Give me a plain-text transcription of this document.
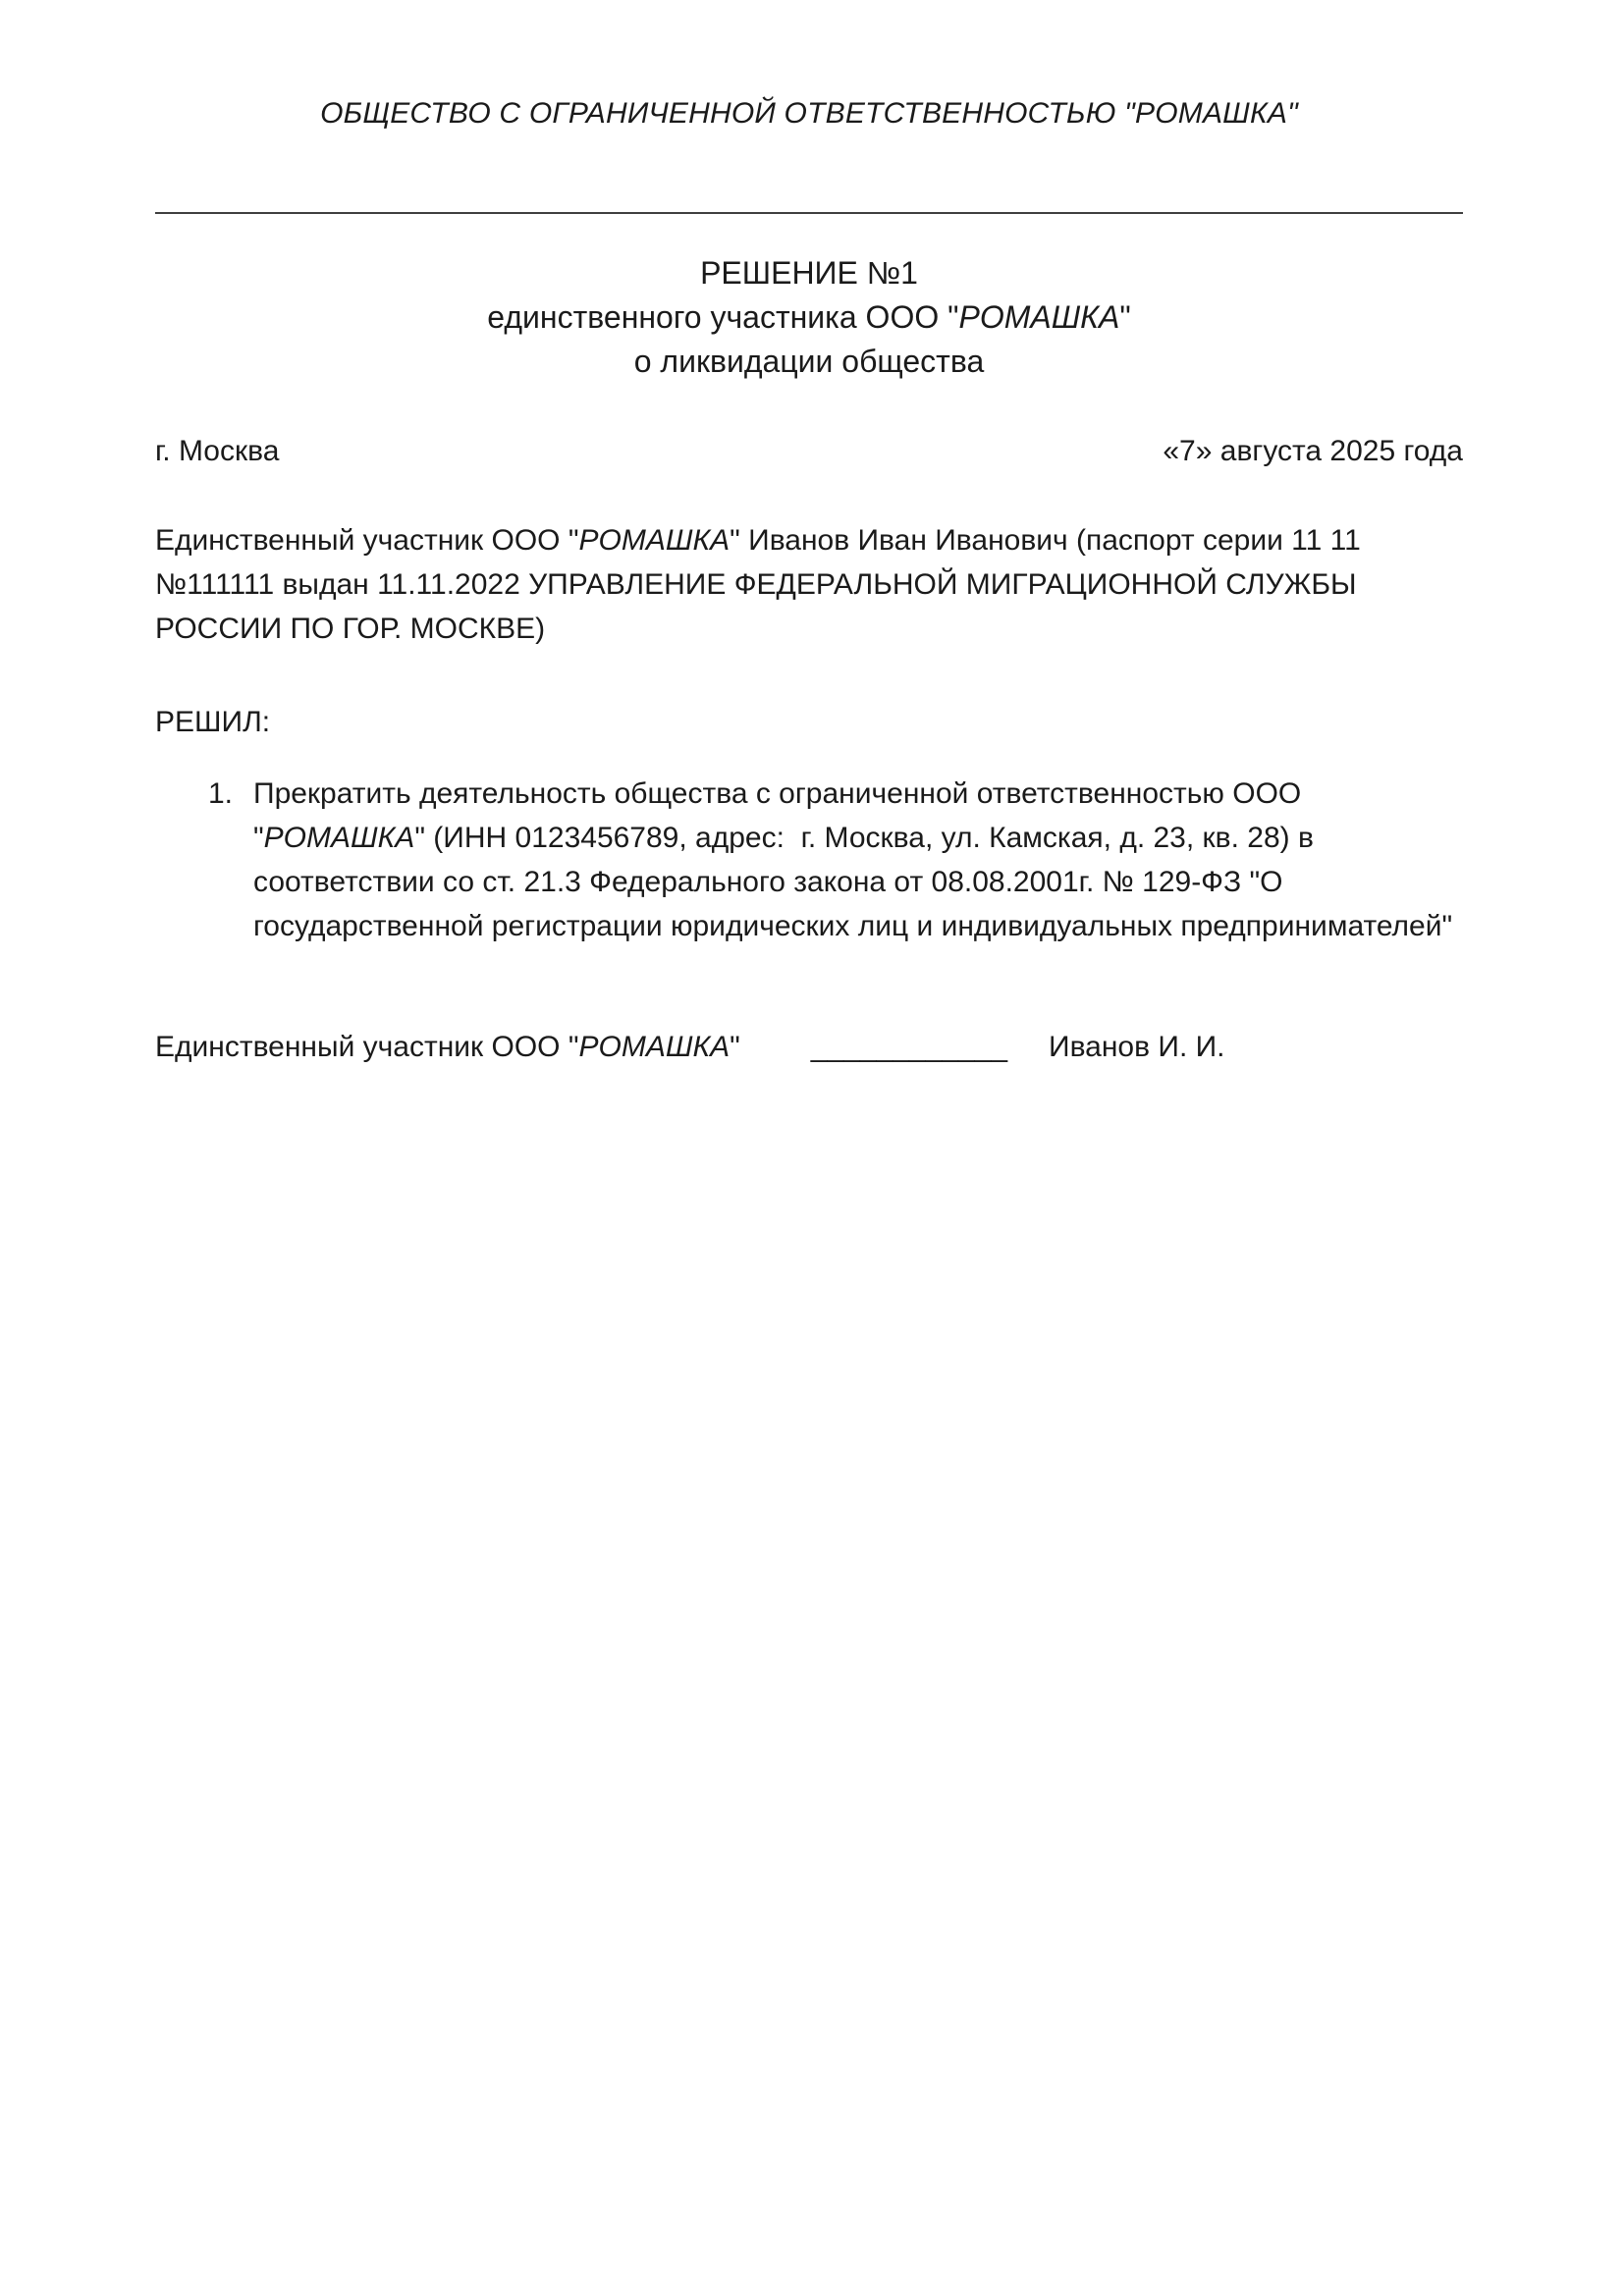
ОБЩЕСТВО С ОГРАНИЧЕННОЙ ОТВЕТСТВЕННОСТЬЮ "РОМАШКА"
РЕШЕНИЕ №1
единственного участника ООО "РОМАШКА"
о ликвидации общества
г. Москва	«7» августа 2025 года

Единственный участник ООО "РОМАШКА" Иванов Иван Иванович (паспорт серии 11 11 №111111 выдан 11.11.2022 УПРАВЛЕНИЕ ФЕДЕРАЛЬНОЙ МИГРАЦИОННОЙ СЛУЖБЫ РОССИИ ПО ГОР. МОСКВЕ)

РЕШИЛ:

1. Прекратить деятельность общества с ограниченной ответственностью ООО "РОМАШКА" (ИНН 0123456789, адрес:  г. Москва, ул. Камская, д. 23, кв. 28) в соответствии со ст. 21.3 Федерального закона от 08.08.2001г. № 129-ФЗ "О государственной регистрации юридических лиц и индивидуальных предпринимателей"
Единственный участник ООО "РОМАШКА" ____________ Иванов И. И.
